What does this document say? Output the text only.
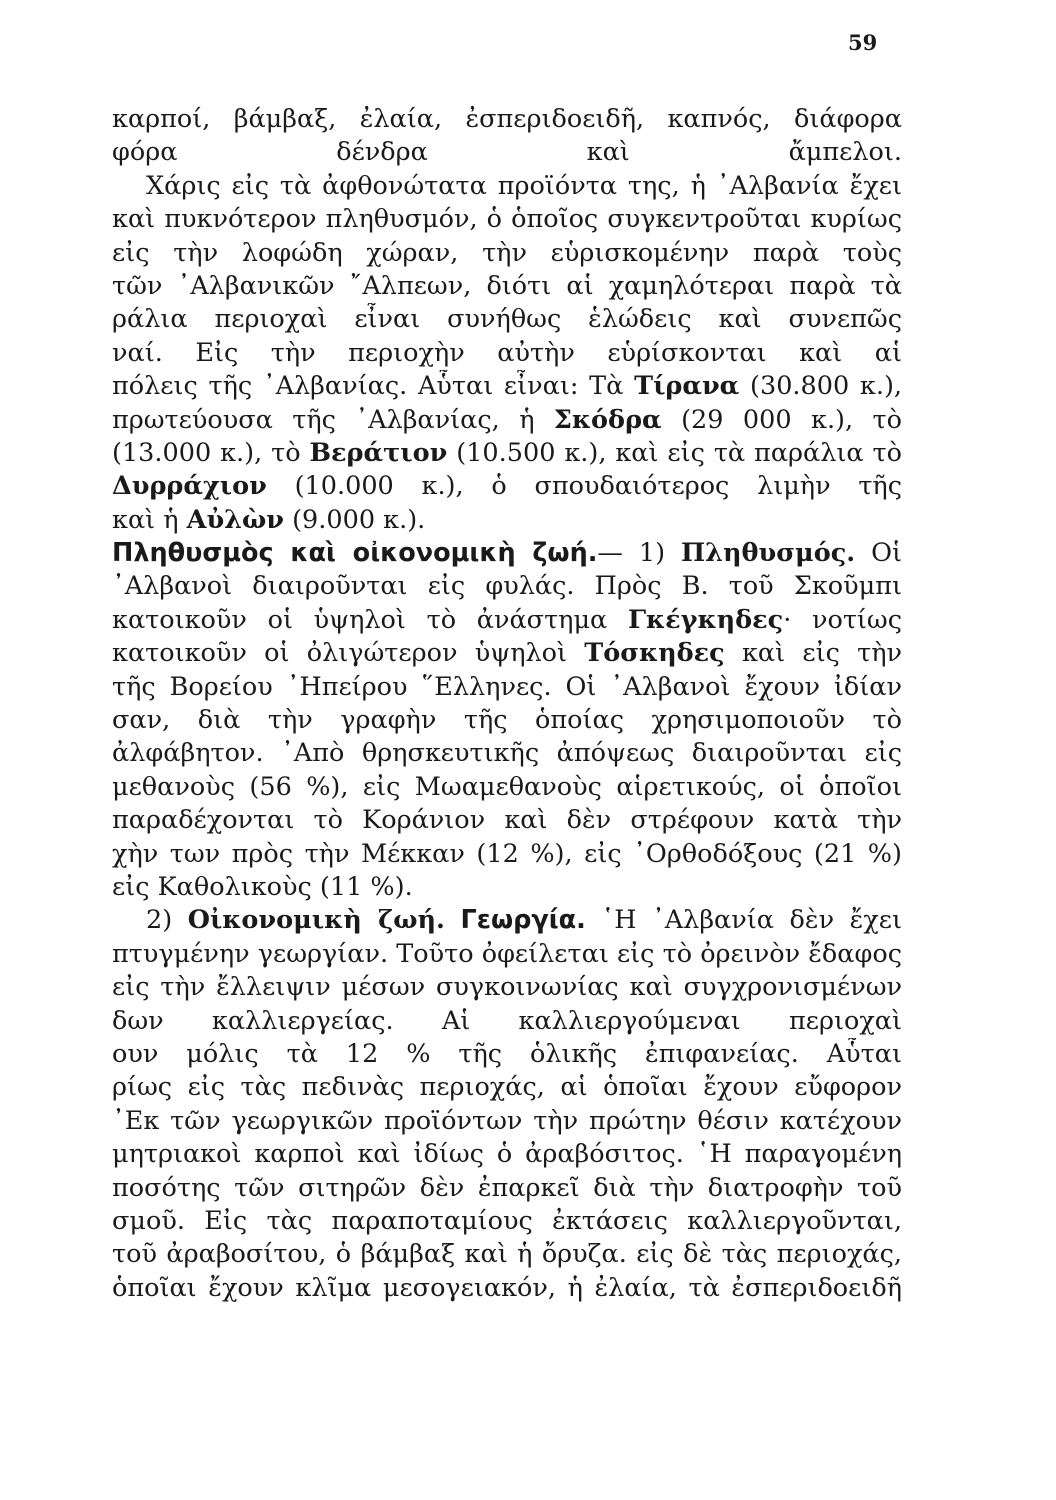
59
καρποί, βάμβαξ, ἐλαία, ἐσπεριδοειδῆ, καπνός, διάφορα
φόρα δένδρα καὶ ἄμπελοι.
Χάρις εἰς τὰ ἀφθονώτατα προϊόντα της, ἡ ᾿Αλβανία ἔχει
καὶ πυκνότερον πληθυσμόν, ὁ ὁποῖος συγκεντροῦται κυρίως
εἰς τὴν λοφώδη χώραν, τὴν εὑρισκομένην παρὰ τοὺς
τῶν ᾿Αλβανικῶν ῎Αλπεων, διότι αἱ χαμηλότεραι παρὰ τὰ
ράλια περιοχαὶ εἶναι συνήθως ἑλώδεις καὶ συνεπῶς
ναί. Εἰς τὴν περιοχὴν αὐτὴν εὑρίσκονται καὶ αἱ
πόλεις τῆς ᾿Αλβανίας. Αὗται εἶναι: Τὰ Τίρανα (30.800 κ.),
πρωτεύουσα τῆς ᾿Αλβανίας, ἡ Σκόδρα (29 000 κ.), τὸ
(13.000 κ.), τὸ Βεράτιον (10.500 κ.), καὶ εἰς τὰ παράλια τὸ
Δυρράχιον (10.000 κ.), ὁ σπουδαιότερος λιμὴν τῆς
καὶ ἡ Αὐλὼν (9.000 κ.).
Πληθυσμὸς καὶ οἰκονομικὴ ζωή.— 1) Πληθυσμός. Οἱ
᾿Αλβανοὶ διαιροῦνται εἰς φυλάς. Πρὸς Β. τοῦ Σκοῦμπι
κατοικοῦν οἱ ὑψηλοὶ τὸ ἀνάστημα Γκέγκηδες· νοτίως
κατοικοῦν οἱ ὀλιγώτερον ὑψηλοὶ Τόσκηδες καὶ εἰς τὴν
τῆς Βορείου ᾿Ηπείρου ῞Ελληνες. Οἱ ᾿Αλβανοὶ ἔχουν ἰδίαν
σαν, διὰ τὴν γραφὴν τῆς ὁποίας χρησιμοποιοῦν τὸ
ἀλφάβητον. ᾿Απὸ θρησκευτικῆς ἀπόψεως διαιροῦνται εἰς
μεθανοὺς (56 %), εἰς Μωαμεθανοὺς αἱρετικούς, οἱ ὁποῖοι
παραδέχονται τὸ Κοράνιον καὶ δὲν στρέφουν κατὰ τὴν
χὴν των πρὸς τὴν Μέκκαν (12 %), εἰς ᾿Ορθοδόξους (21 %)
εἰς Καθολικοὺς (11 %).
2) Οἰκονομικὴ ζωή. Γεωργία. ῾Η ᾿Αλβανία δὲν ἔχει
πτυγμένην γεωργίαν. Τοῦτο ὀφείλεται εἰς τὸ ὀρεινὸν ἔδαφος
εἰς τὴν ἔλλειψιν μέσων συγκοινωνίας καὶ συγχρονισμένων
δων καλλιεργείας. Αἱ καλλιεργούμεναι περιοχαὶ
ουν μόλις τὰ 12 % τῆς ὁλικῆς ἐπιφανείας. Αὗται
ρίως εἰς τὰς πεδινὰς περιοχάς, αἱ ὁποῖαι ἔχουν εὔφορον
᾿Εκ τῶν γεωργικῶν προϊόντων τὴν πρώτην θέσιν κατέχουν
μητριακοὶ καρποὶ καὶ ἰδίως ὁ ἀραβόσιτος. ῾Η παραγομένη
ποσότης τῶν σιτηρῶν δὲν ἐπαρκεῖ διὰ τὴν διατροφὴν τοῦ
σμοῦ. Εἰς τὰς παραποταμίους ἐκτάσεις καλλιεργοῦνται,
τοῦ ἀραβοσίτου, ὁ βάμβαξ καὶ ἡ ὄρυζα. εἰς δὲ τὰς περιοχάς,
ὁποῖαι ἔχουν κλῖμα μεσογειακόν, ἡ ἐλαία, τὰ ἐσπεριδοειδῆ
